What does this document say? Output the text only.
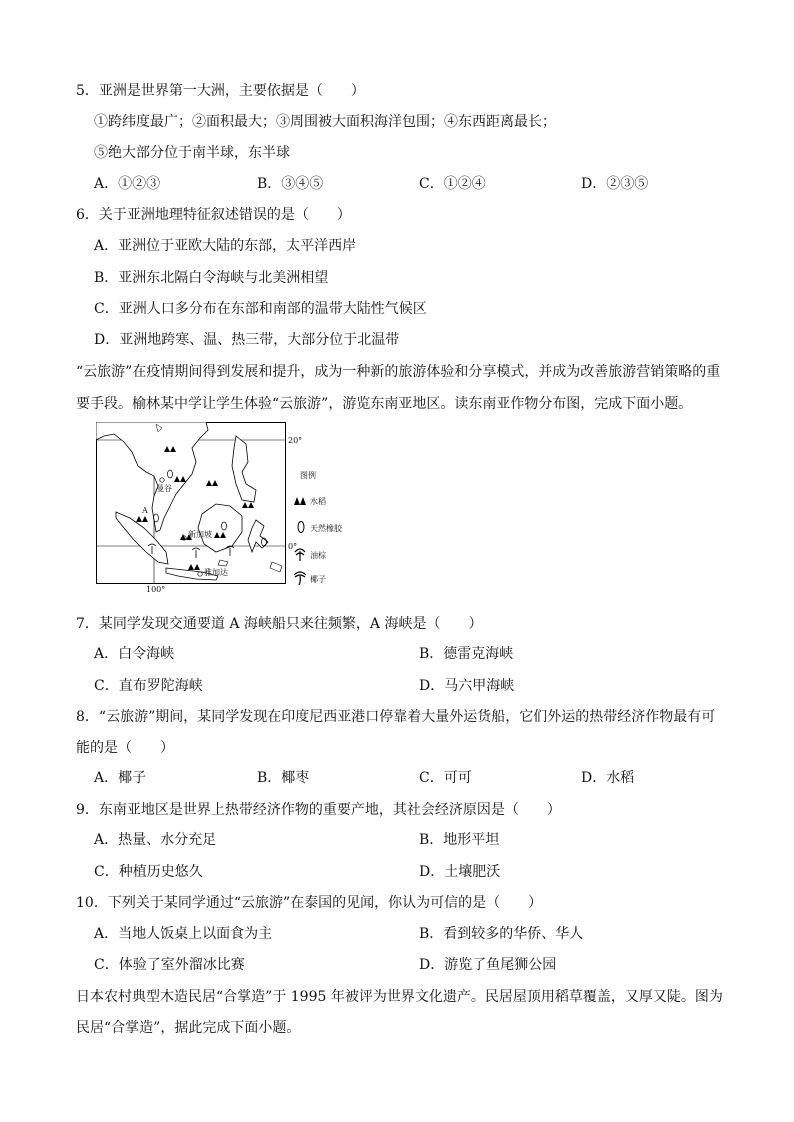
5．亚洲是世界第一大洲，主要依据是（　　）
①跨纬度最广；②面积最大；③周围被大面积海洋包围；④东西距离最长；
⑤绝大部分位于南半球，东半球
A．①②③	B．③④⑤	C．①②④	D．②③⑤
6．关于亚洲地理特征叙述错误的是（　　）
A．亚洲位于亚欧大陆的东部，太平洋西岸
B．亚洲东北隔白令海峡与北美洲相望
C．亚洲人口多分布在东部和南部的温带大陆性气候区
D．亚洲地跨寒、温、热三带，大部分位于北温带
“云旅游”在疫情期间得到发展和提升，成为一种新的旅游体验和分享模式，并成为改善旅游营销策略的重
要手段。榆林某中学让学生体验“云旅游”，游览东南亚地区。读东南亚作物分布图，完成下面小题。
20°
0°
100°
曼谷
A
新加坡
雅加达
图例
水稻
天然橡胶
油棕
椰子
7．某同学发现交通要道 A 海峡船只来往频繁，A 海峡是（　　）
A．白令海峡	B．德雷克海峡
C．直布罗陀海峡	D．马六甲海峡
8．“云旅游”期间，某同学发现在印度尼西亚港口停靠着大量外运货船，它们外运的热带经济作物最有可
能的是（　　）
A．椰子	B．椰枣	C．可可	D．水稻
9．东南亚地区是世界上热带经济作物的重要产地，其社会经济原因是（　　）
A．热量、水分充足	B．地形平坦
C．种植历史悠久	D．土壤肥沃
10．下列关于某同学通过“云旅游”在泰国的见闻，你认为可信的是（　　）
A．当地人饭桌上以面食为主	B．看到较多的华侨、华人
C．体验了室外溜冰比赛	D．游览了鱼尾狮公园
日本农村典型木造民居“合掌造”于 1995 年被评为世界文化遗产。民居屋顶用稻草覆盖，又厚又陡。图为
民居“合掌造”，据此完成下面小题。
